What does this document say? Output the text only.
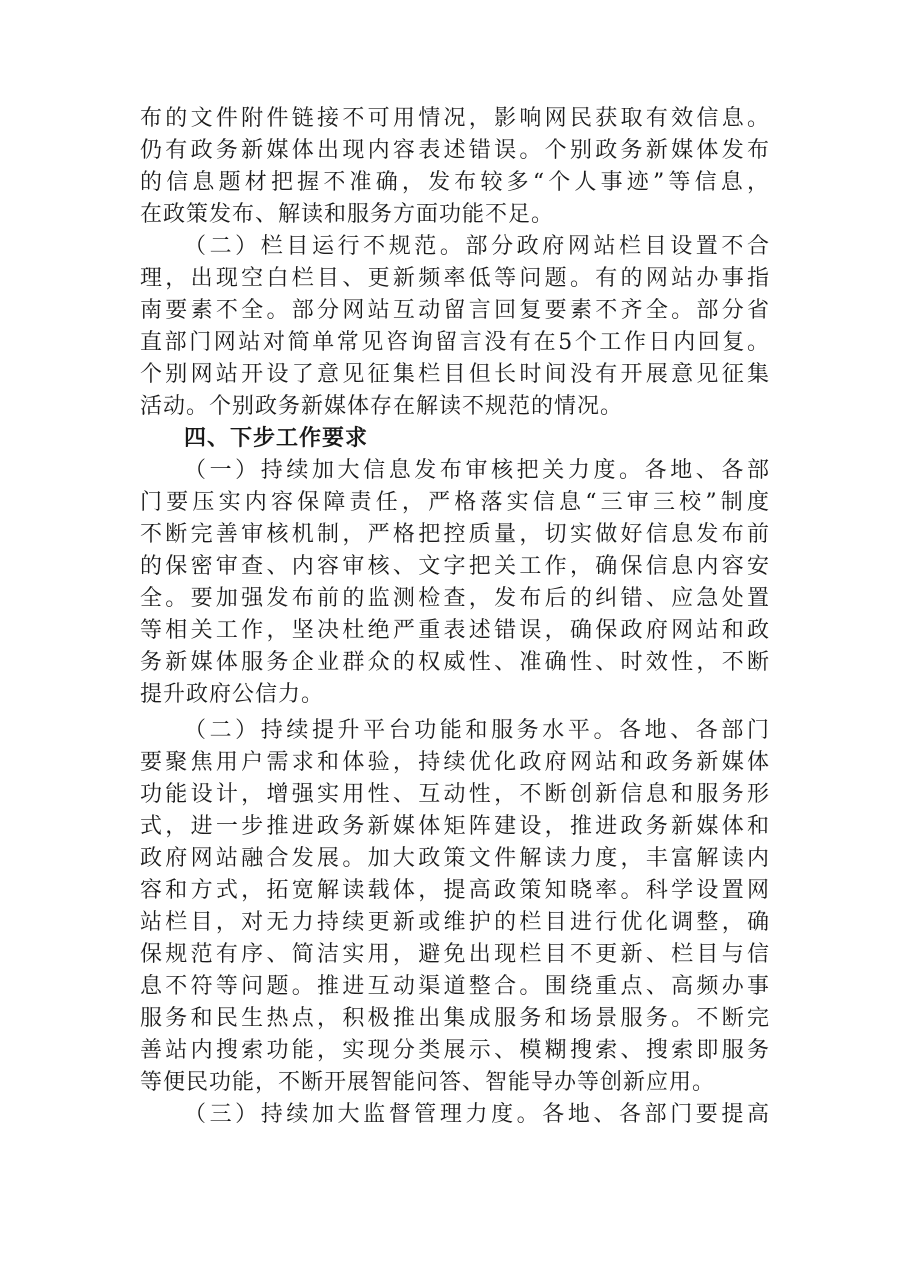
布的文件附件链接不可用情况，影响网民获取有效信息。
仍有政务新媒体出现内容表述错误。个别政务新媒体发布
的信息题材把握不准确，发布较多“个人事迹”等信息，
在政策发布、解读和服务方面功能不足。
（二）栏目运行不规范。部分政府网站栏目设置不合
理，出现空白栏目、更新频率低等问题。有的网站办事指
南要素不全。部分网站互动留言回复要素不齐全。部分省
直部门网站对简单常见咨询留言没有在5个工作日内回复。
个别网站开设了意见征集栏目但长时间没有开展意见征集
活动。个别政务新媒体存在解读不规范的情况。
四、下步工作要求
（一）持续加大信息发布审核把关力度。各地、各部
门要压实内容保障责任，严格落实信息“三审三校”制度
不断完善审核机制，严格把控质量，切实做好信息发布前
的保密审查、内容审核、文字把关工作，确保信息内容安
全。要加强发布前的监测检查，发布后的纠错、应急处置
等相关工作，坚决杜绝严重表述错误，确保政府网站和政
务新媒体服务企业群众的权威性、准确性、时效性，不断
提升政府公信力。
（二）持续提升平台功能和服务水平。各地、各部门
要聚焦用户需求和体验，持续优化政府网站和政务新媒体
功能设计，增强实用性、互动性，不断创新信息和服务形
式，进一步推进政务新媒体矩阵建设，推进政务新媒体和
政府网站融合发展。加大政策文件解读力度，丰富解读内
容和方式，拓宽解读载体，提高政策知晓率。科学设置网
站栏目，对无力持续更新或维护的栏目进行优化调整，确
保规范有序、简洁实用，避免出现栏目不更新、栏目与信
息不符等问题。推进互动渠道整合。围绕重点、高频办事
服务和民生热点，积极推出集成服务和场景服务。不断完
善站内搜索功能，实现分类展示、模糊搜索、搜索即服务
等便民功能，不断开展智能问答、智能导办等创新应用。
（三）持续加大监督管理力度。各地、各部门要提高
